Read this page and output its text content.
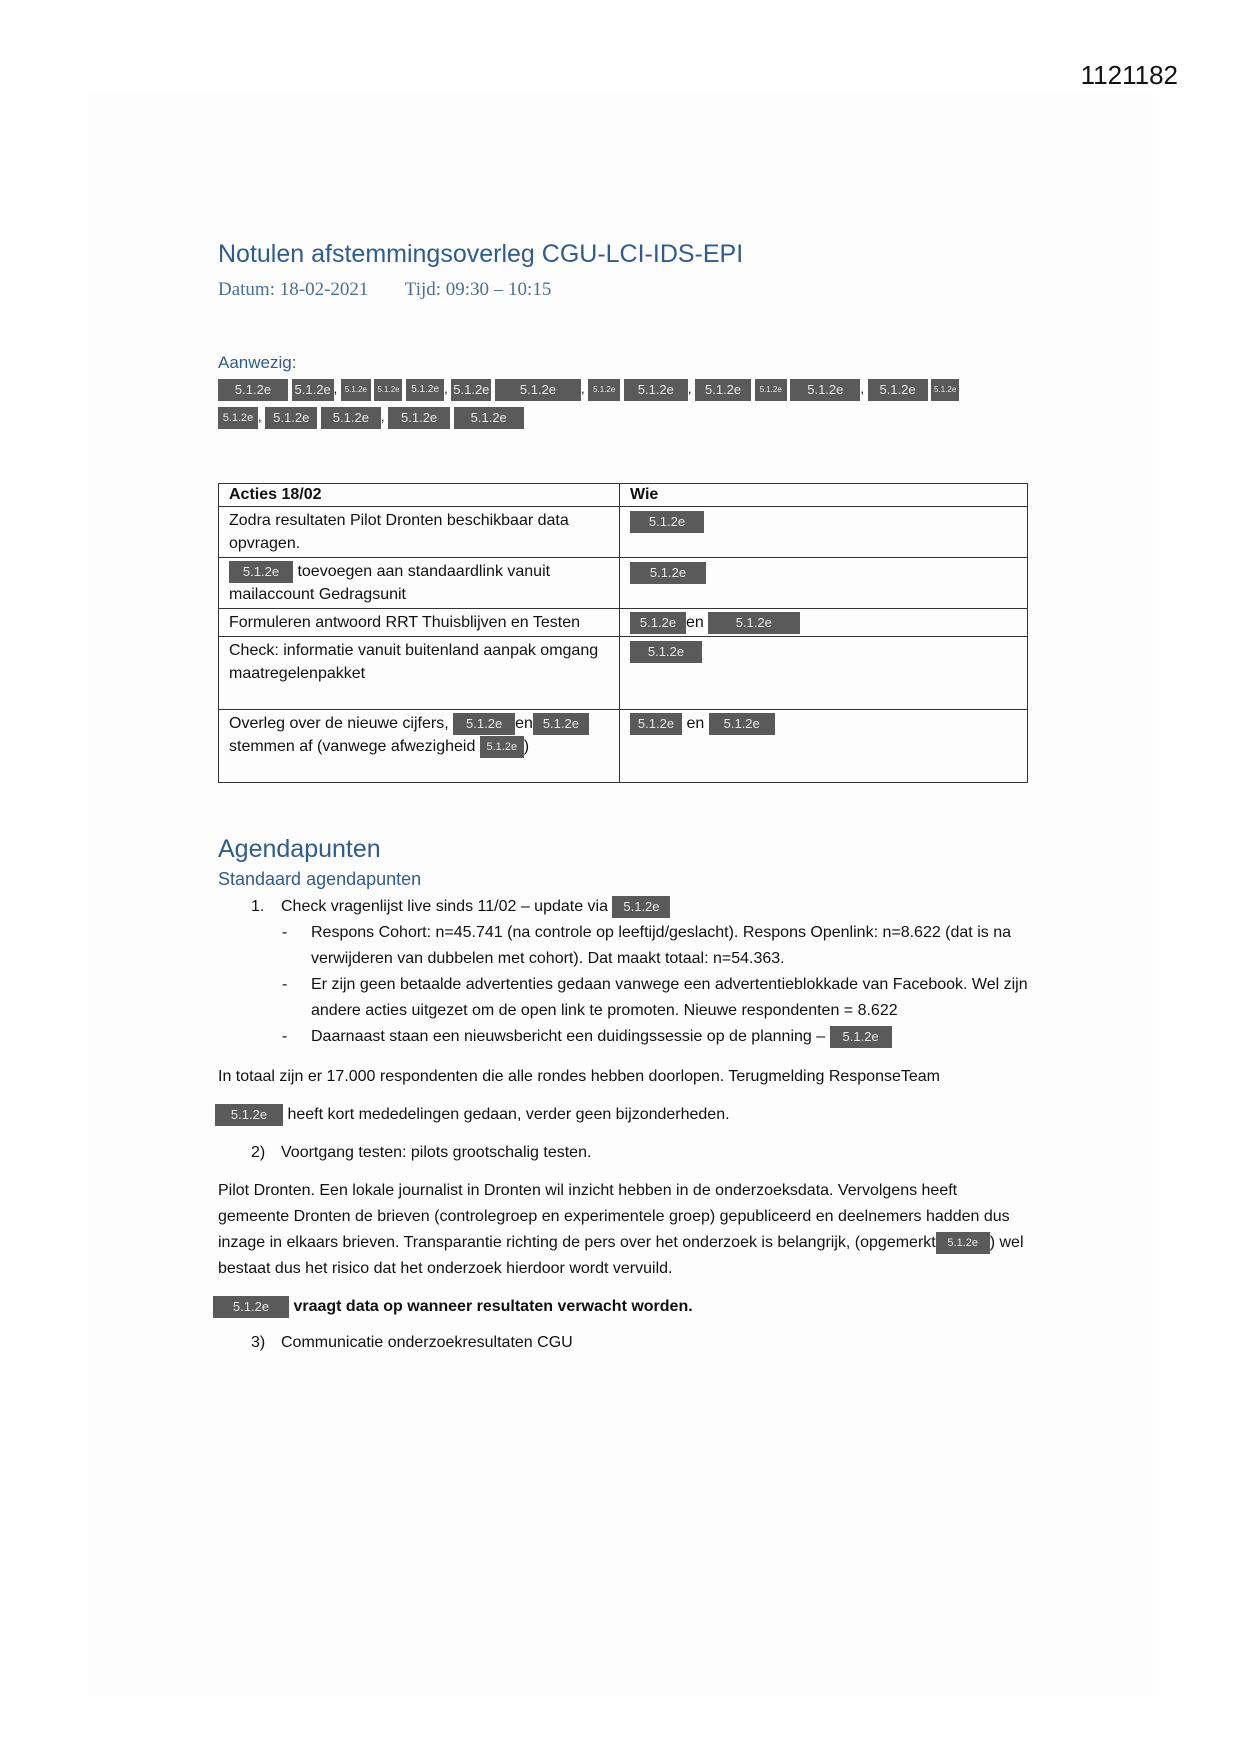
1121182
Notulen afstemmingsoverleg CGU-LCI-IDS-EPI
Datum: 18-02-2021 Tijd: 09:30 – 10:15
Aanwezig:
5.1.2e 5.1.2e , 5.1.2e 5.1.2e 5.1.2e , 5.1.2e 5.1.2e , 5.1.2e 5.1.2e , 5.1.2e 5.1.2e 5.1.2e , 5.1.2e 5.1.2e
5.1.2e , 5.1.2e 5.1.2e , 5.1.2e	5.1.2e
Acties 18/02	Wie
Zodra resultaten Pilot Dronten beschikbaar data opvragen.	5.1.2e
5.1.2e toevoegen aan standaardlink vanuit mailaccount Gedragsunit	5.1.2e
Formuleren antwoord RRT Thuisblijven en Testen	5.1.2e en 5.1.2e
Check: informatie vanuit buitenland aanpak omgang maatregelenpakket	5.1.2e
Overleg over de nieuwe cijfers, 5.1.2e en 5.1.2e stemmen af (vanwege afwezigheid 5.1.2e )	5.1.2e en 5.1.2e
Agendapunten
Standaard agendapunten
1. Check vragenlijst live sinds 11/02 – update via 5.1.2e
-	Respons Cohort: n=45.741 (na controle op leeftijd/geslacht). Respons Openlink: n=8.622 (dat is na verwijderen van dubbelen met cohort). Dat maakt totaal: n=54.363.
-	Er zijn geen betaalde advertenties gedaan vanwege een advertentieblokkade van Facebook. Wel zijn andere acties uitgezet om de open link te promoten. Nieuwe respondenten = 8.622
-	Daarnaast staan een nieuwsbericht een duidingssessie op de planning – 5.1.2e
In totaal zijn er 17.000 respondenten die alle rondes hebben doorlopen. Terugmelding ResponseTeam
5.1.2e heeft kort mededelingen gedaan, verder geen bijzonderheden.
2) Voortgang testen: pilots grootschalig testen.
Pilot Dronten. Een lokale journalist in Dronten wil inzicht hebben in de onderzoeksdata. Vervolgens heeft gemeente Dronten de brieven (controlegroep en experimentele groep) gepubliceerd en deelnemers hadden dus inzage in elkaars brieven. Transparantie richting de pers over het onderzoek is belangrijk, (opgemerkt 5.1.2e ) wel bestaat dus het risico dat het onderzoek hierdoor wordt vervuild.
5.1.2e vraagt data op wanneer resultaten verwacht worden.
3) Communicatie onderzoekresultaten CGU
